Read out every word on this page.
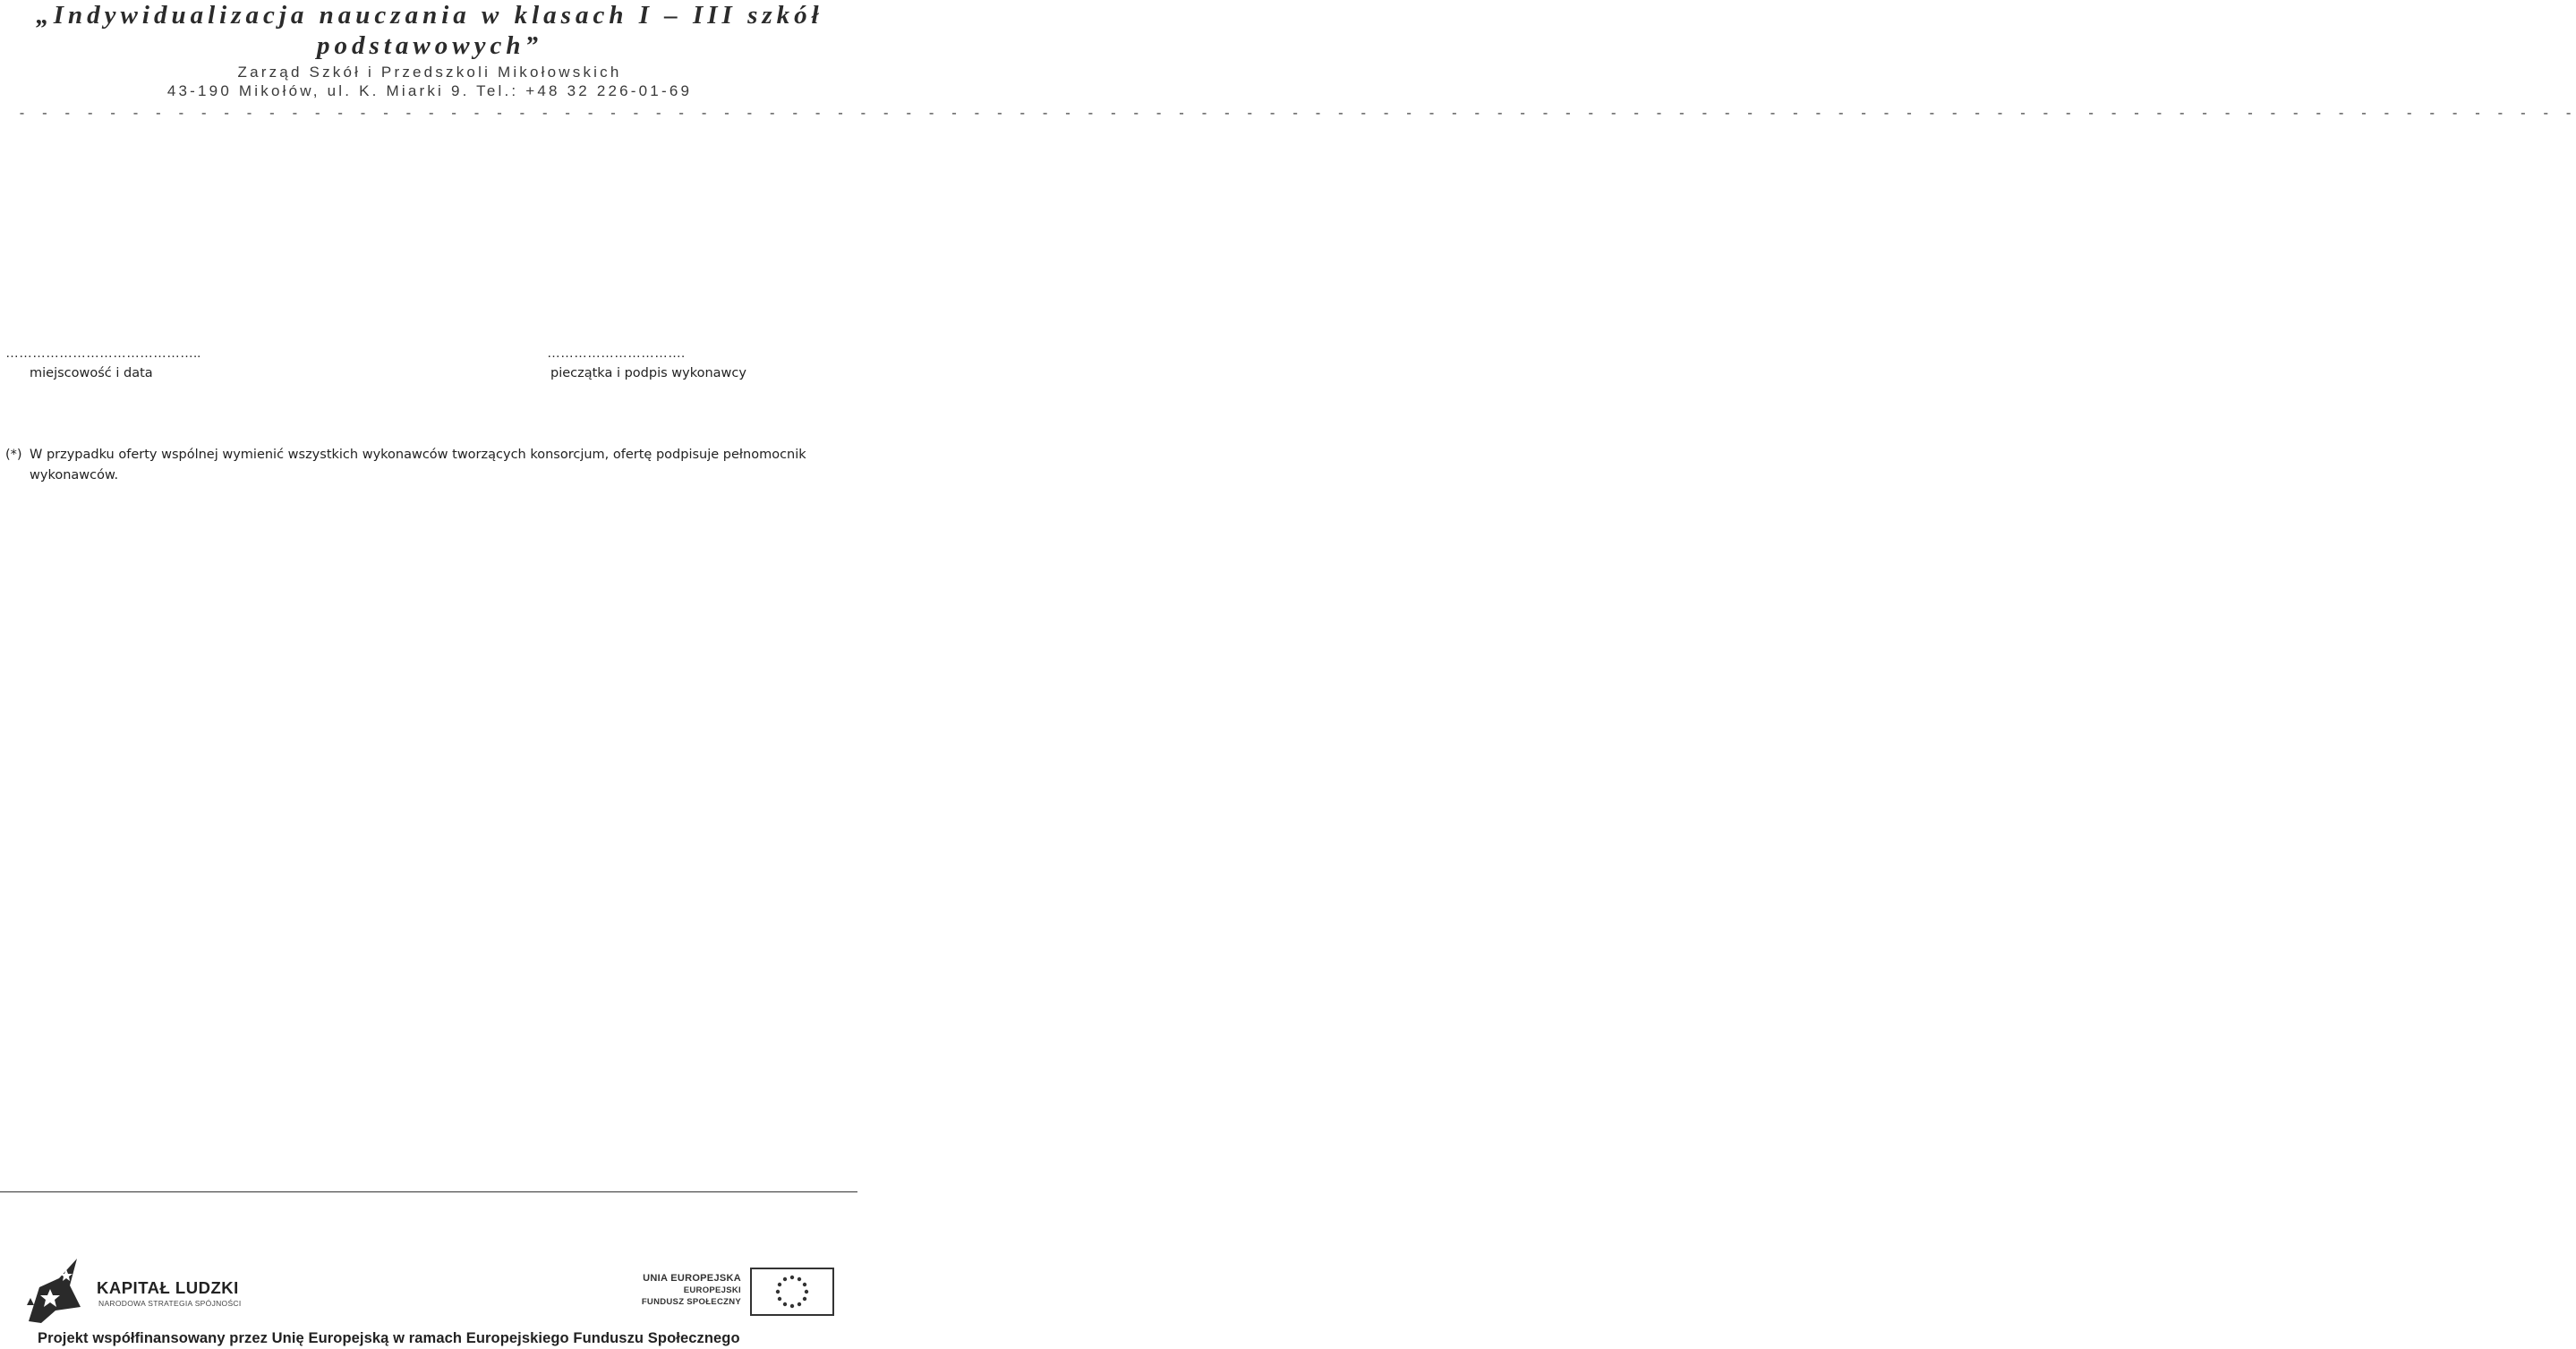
„Indywidualizacja nauczania w klasach I – III szkół

podstawowych”

Zarząd Szkół i Przedszkoli Mikołowskich

43-190 Mikołów, ul. K. Miarki 9. Tel.: +48 32 226-01-69

- - - - - - - - - - - - - - - - - - - - - - - - - - - - - - - - - - - - - - - - - - - - - - - - - - - - - - - - - - - - - - - - - - - - - - - - - - - - - - - - - - - - - - - - - - - - - - - - - - - - - - - - - - - - - - - - -
……………………………………..
miejscowość i data
………………………….
pieczątka i podpis wykonawcy
(*) W przypadku oferty wspólnej wymienić wszystkich wykonawców tworzących konsorcjum, ofertę podpisuje pełnomocnik
wykonawców.
KAPITAŁ LUDZKI
NARODOWA STRATEGIA SPÓJNOŚCI
UNIA EUROPEJSKA
EUROPEJSKI
FUNDUSZ SPOŁECZNY
Projekt współfinansowany przez Unię Europejską w ramach Europejskiego Funduszu Społecznego
